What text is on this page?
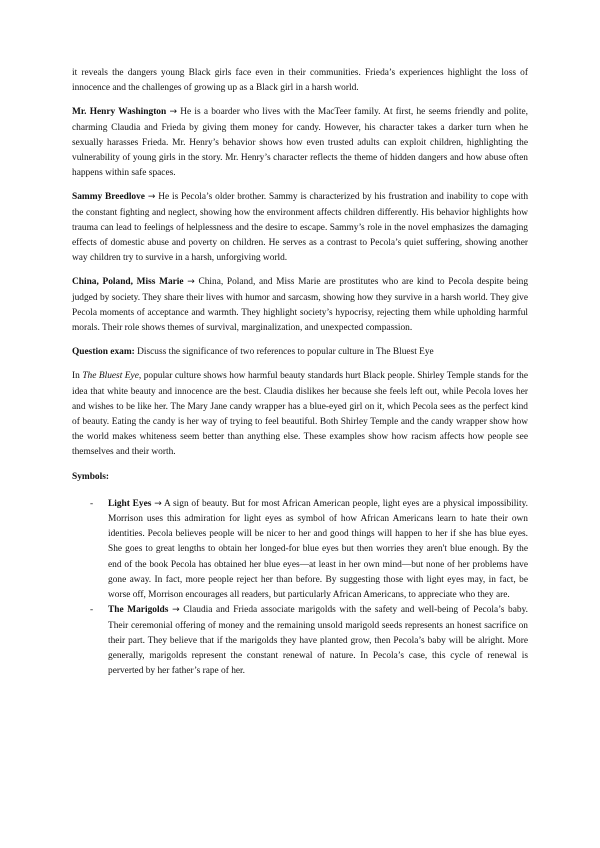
it reveals the dangers young Black girls face even in their communities. Frieda’s experiences highlight the loss of innocence and the challenges of growing up as a Black girl in a harsh world.

Mr. Henry Washington → He is a boarder who lives with the MacTeer family. At first, he seems friendly and polite, charming Claudia and Frieda by giving them money for candy. However, his character takes a darker turn when he sexually harasses Frieda. Mr. Henry’s behavior shows how even trusted adults can exploit children, highlighting the vulnerability of young girls in the story. Mr. Henry’s character reflects the theme of hidden dangers and how abuse often happens within safe spaces.

Sammy Breedlove → He is Pecola’s older brother. Sammy is characterized by his frustration and inability to cope with the constant fighting and neglect, showing how the environment affects children differently. His behavior highlights how trauma can lead to feelings of helplessness and the desire to escape. Sammy’s role in the novel emphasizes the damaging effects of domestic abuse and poverty on children. He serves as a contrast to Pecola’s quiet suffering, showing another way children try to survive in a harsh, unforgiving world.

China, Poland, Miss Marie → China, Poland, and Miss Marie are prostitutes who are kind to Pecola despite being judged by society. They share their lives with humor and sarcasm, showing how they survive in a harsh world. They give Pecola moments of acceptance and warmth. They highlight society’s hypocrisy, rejecting them while upholding harmful morals. Their role shows themes of survival, marginalization, and unexpected compassion.

Question exam: Discuss the significance of two references to popular culture in The Bluest Eye

In The Bluest Eye, popular culture shows how harmful beauty standards hurt Black people. Shirley Temple stands for the idea that white beauty and innocence are the best. Claudia dislikes her because she feels left out, while Pecola loves her and wishes to be like her. The Mary Jane candy wrapper has a blue-eyed girl on it, which Pecola sees as the perfect kind of beauty. Eating the candy is her way of trying to feel beautiful. Both Shirley Temple and the candy wrapper show how the world makes whiteness seem better than anything else. These examples show how racism affects how people see themselves and their worth.

Symbols:

- Light Eyes → A sign of beauty. But for most African American people, light eyes are a physical impossibility. Morrison uses this admiration for light eyes as symbol of how African Americans learn to hate their own identities. Pecola believes people will be nicer to her and good things will happen to her if she has blue eyes. She goes to great lengths to obtain her longed-for blue eyes but then worries they aren't blue enough. By the end of the book Pecola has obtained her blue eyes—at least in her own mind—but none of her problems have gone away. In fact, more people reject her than before. By suggesting those with light eyes may, in fact, be worse off, Morrison encourages all readers, but particularly African Americans, to appreciate who they are.
- The Marigolds → Claudia and Frieda associate marigolds with the safety and well-being of Pecola’s baby. Their ceremonial offering of money and the remaining unsold marigold seeds represents an honest sacrifice on their part. They believe that if the marigolds they have planted grow, then Pecola’s baby will be alright. More generally, marigolds represent the constant renewal of nature. In Pecola’s case, this cycle of renewal is perverted by her father’s rape of her.
